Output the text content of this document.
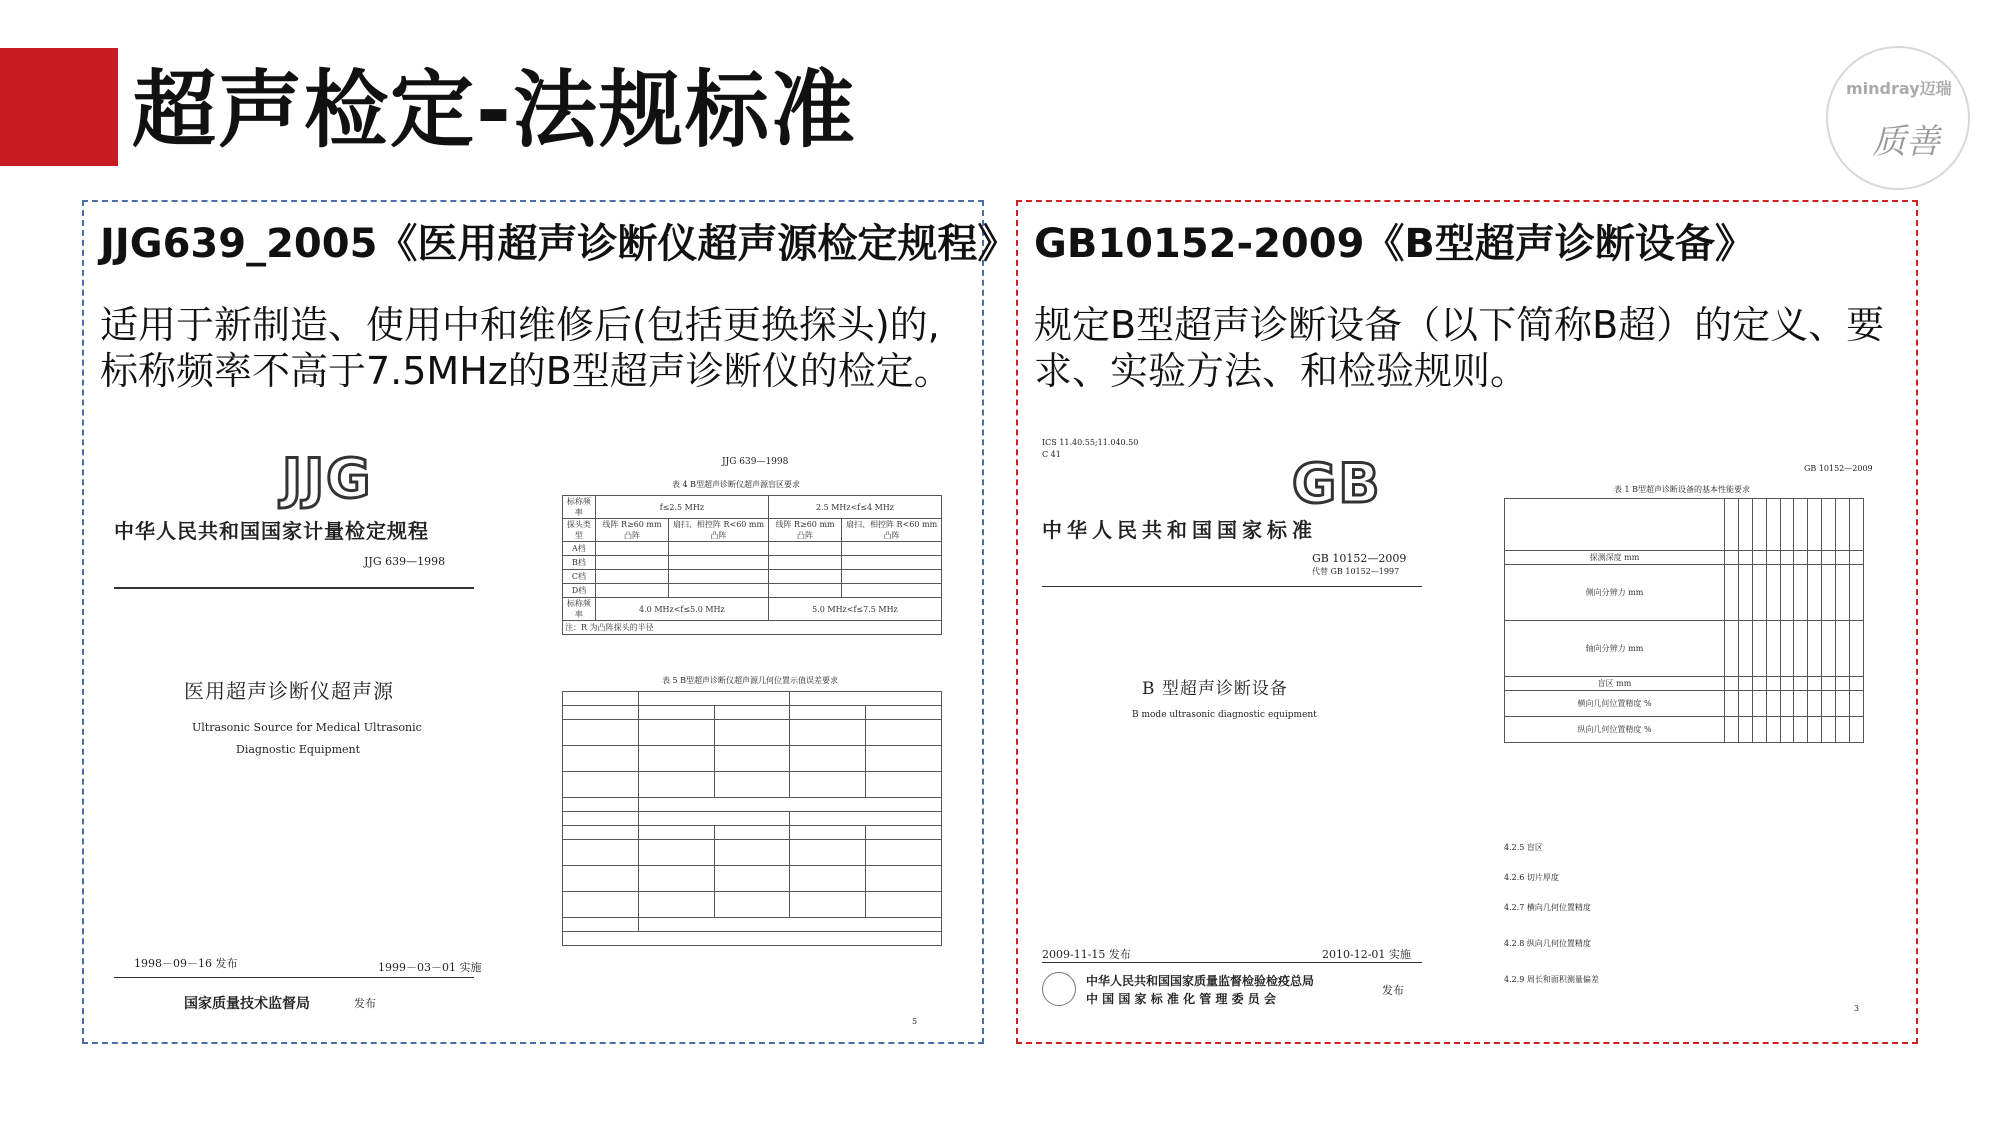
超声检定-法规标准	mindray迈瑞
质善
JJG639_2005《医用超声诊断仪超声源检定规程》
适用于新制造、使用中和维修后(包括更换探头)的,
标称频率不高于7.5MHz的B型超声诊断仪的检定。
JJG
中华人民共和国国家计量检定规程
JJG 639—1998
医用超声诊断仪超声源
Ultrasonic Source for Medical Ultrasonic
Diagnostic Equipment
1998－09－16 发布	1999－03－01 实施
国家质量技术监督局	发布
JJG 639—1998
表 4 B型超声诊断仪超声源盲区要求
标称频率	f≤2.5 MHz		2.5 MHz<f≤4 MHz	
探头类型	线阵 R≥60 mm 凸阵	扇扫、相控阵 R<60 mm 凸阵	线阵 R≥60 mm 凸阵	扇扫、相控阵 R<60 mm 凸阵
A档				
B档				
C档				
D档				
标称频率	4.0 MHz<f≤5.0 MHz		5.0 MHz<f≤7.5 MHz	
注：R 为凸阵探头的半径				
表 5 B型超声诊断仪超声源几何位置示值误差要求

5
GB10152-2009《B型超声诊断设备》
规定B型超声诊断设备（以下简称B超）的定义、要
求、实验方法、和检验规则。
ICS 11.40.55;11.040.50
C 41	GB
中华人民共和国国家标准
GB 10152—2009
代替 GB 10152—1997
B 型超声诊断设备
B mode ultrasonic diagnostic equipment
2009-11-15 发布	2010-12-01 实施
中华人民共和国国家质量监督检验检疫总局
中 国 国 家 标 准 化 管 理 委 员 会
发布
GB 10152—2009
表 1 B型超声诊断设备的基本性能要求

探测深度 mm										
侧向分辨力 mm										
轴向分辨力 mm										
盲区 mm										
横向几何位置精度 %										
纵向几何位置精度 %										
4.2.5 盲区
4.2.6 切片厚度
4.2.7 横向几何位置精度
4.2.8 纵向几何位置精度
4.2.9 周长和面积测量偏差
3
